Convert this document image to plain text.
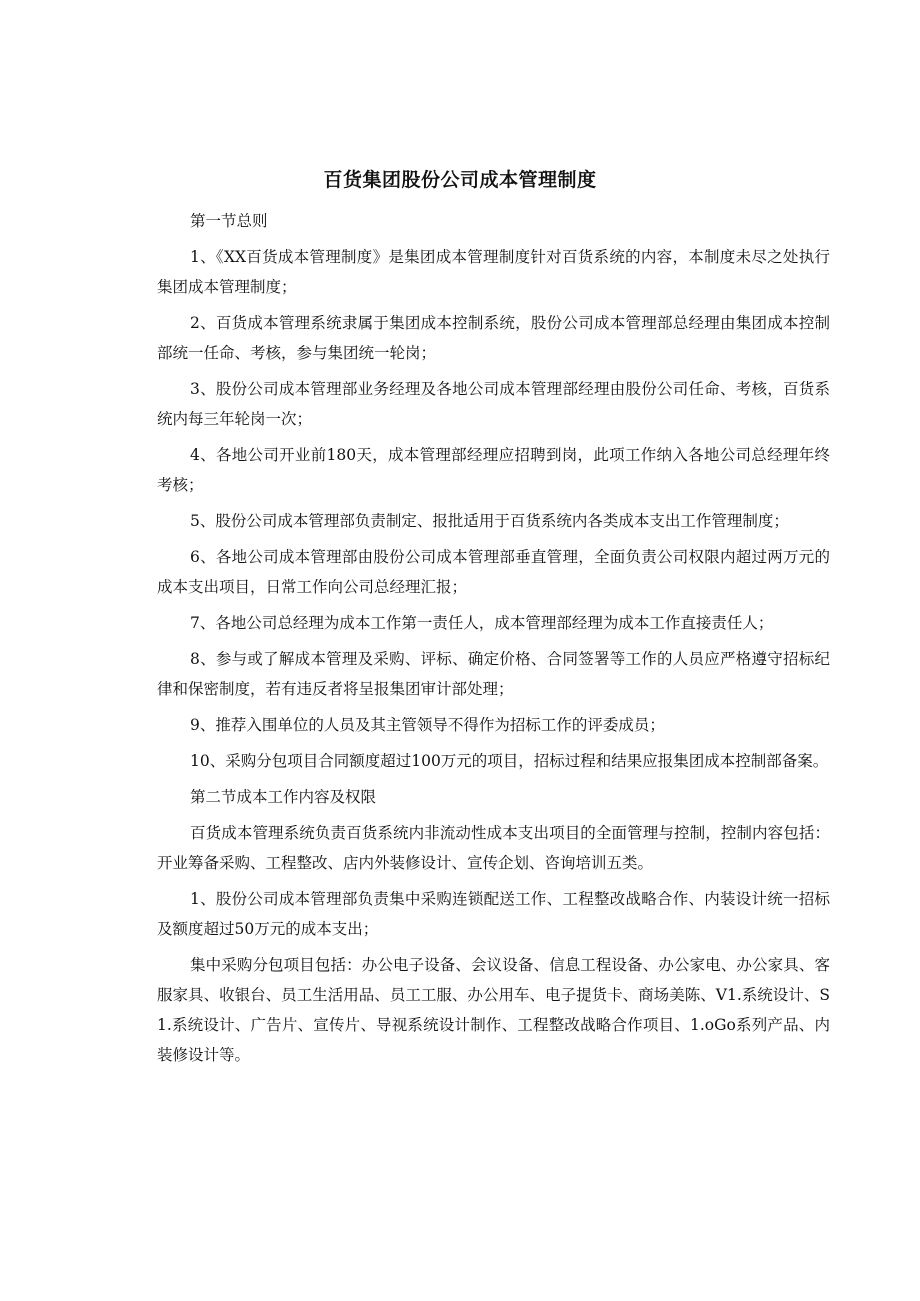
百货集团股份公司成本管理制度

第一节总则

1、《XX百货成本管理制度》是集团成本管理制度针对百货系统的内容，本制度未尽之处执行集团成本管理制度；

2、百货成本管理系统隶属于集团成本控制系统，股份公司成本管理部总经理由集团成本控制部统一任命、考核，参与集团统一轮岗；

3、股份公司成本管理部业务经理及各地公司成本管理部经理由股份公司任命、考核，百货系统内每三年轮岗一次；

4、各地公司开业前180天，成本管理部经理应招聘到岗，此项工作纳入各地公司总经理年终考核；

5、股份公司成本管理部负责制定、报批适用于百货系统内各类成本支出工作管理制度；

6、各地公司成本管理部由股份公司成本管理部垂直管理，全面负责公司权限内超过两万元的成本支出项目，日常工作向公司总经理汇报；

7、各地公司总经理为成本工作第一责任人，成本管理部经理为成本工作直接责任人；

8、参与或了解成本管理及采购、评标、确定价格、合同签署等工作的人员应严格遵守招标纪律和保密制度，若有违反者将呈报集团审计部处理；

9、推荐入围单位的人员及其主管领导不得作为招标工作的评委成员；

10、采购分包项目合同额度超过100万元的项目，招标过程和结果应报集团成本控制部备案。

第二节成本工作内容及权限

百货成本管理系统负责百货系统内非流动性成本支出项目的全面管理与控制，控制内容包括：开业筹备采购、工程整改、店内外装修设计、宣传企划、咨询培训五类。

1、股份公司成本管理部负责集中采购连锁配送工作、工程整改战略合作、内装设计统一招标及额度超过50万元的成本支出；

集中采购分包项目包括：办公电子设备、会议设备、信息工程设备、办公家电、办公家具、客服家具、收银台、员工生活用品、员工工服、办公用车、电子提货卡、商场美陈、V1.系统设计、S1.系统设计、广告片、宣传片、导视系统设计制作、工程整改战略合作项目、1.oGo系列产品、内装修设计等。
